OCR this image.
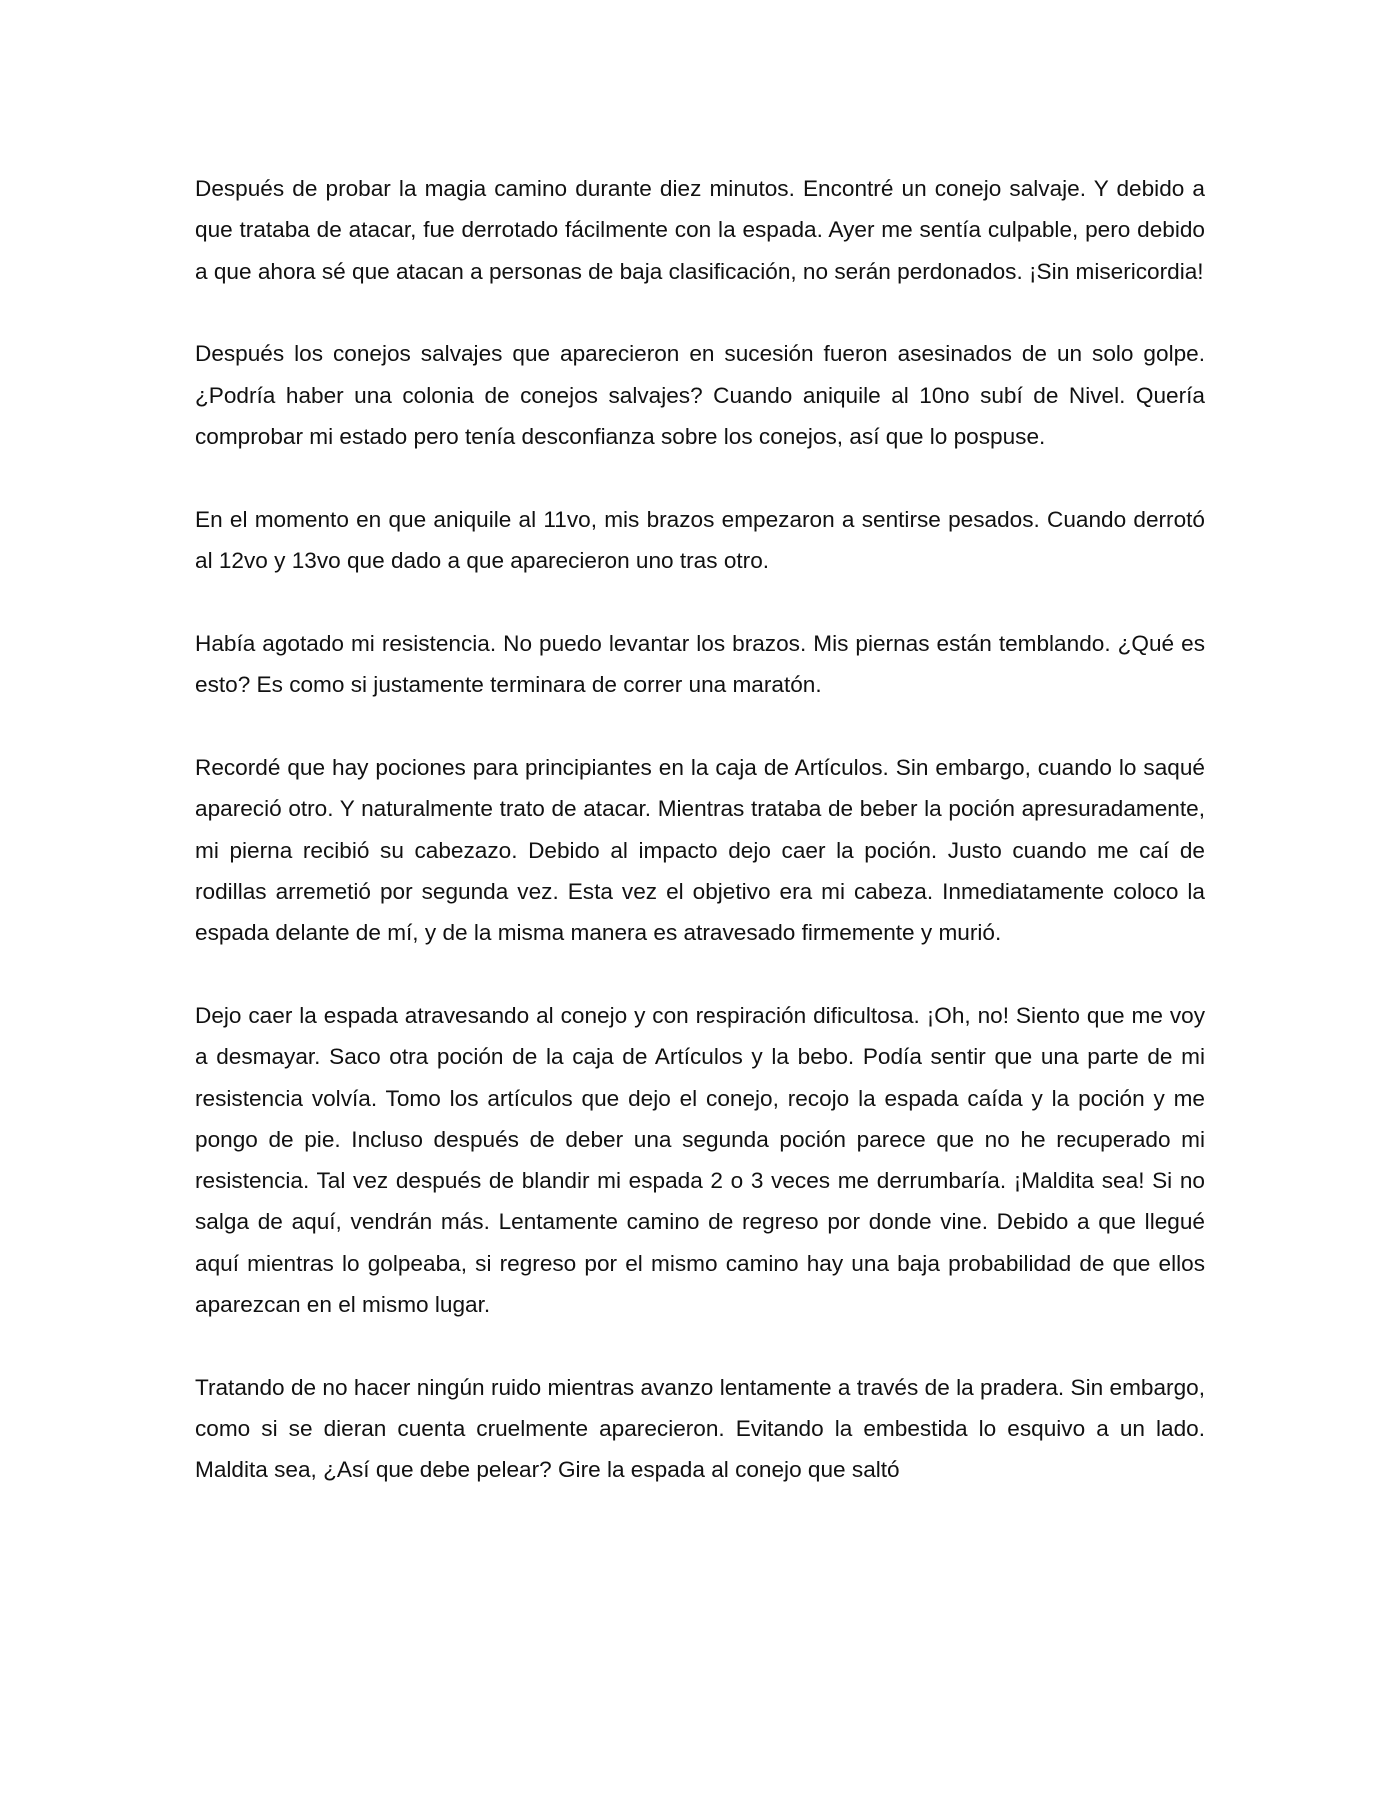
Después de probar la magia camino durante diez minutos. Encontré un conejo salvaje. Y debido a que trataba de atacar, fue derrotado fácilmente con la espada. Ayer me sentía culpable, pero debido a que ahora sé que atacan a personas de baja clasificación, no serán perdonados. ¡Sin misericordia!

Después los conejos salvajes que aparecieron en sucesión fueron asesinados de un solo golpe. ¿Podría haber una colonia de conejos salvajes? Cuando aniquile al 10no subí de Nivel. Quería comprobar mi estado pero tenía desconfianza sobre los conejos, así que lo pospuse.

En el momento en que aniquile al 11vo, mis brazos empezaron a sentirse pesados. Cuando derrotó al 12vo y 13vo que dado a que aparecieron uno tras otro.

Había agotado mi resistencia. No puedo levantar los brazos. Mis piernas están temblando. ¿Qué es esto? Es como si justamente terminara de correr una maratón.

Recordé que hay pociones para principiantes en la caja de Artículos. Sin embargo, cuando lo saqué apareció otro. Y naturalmente trato de atacar. Mientras trataba de beber la poción apresuradamente, mi pierna recibió su cabezazo. Debido al impacto dejo caer la poción. Justo cuando me caí de rodillas arremetió por segunda vez. Esta vez el objetivo era mi cabeza. Inmediatamente coloco la espada delante de mí, y de la misma manera es atravesado firmemente y murió.

Dejo caer la espada atravesando al conejo y con respiración dificultosa. ¡Oh, no! Siento que me voy a desmayar. Saco otra poción de la caja de Artículos y la bebo. Podía sentir que una parte de mi resistencia volvía. Tomo los artículos que dejo el conejo, recojo la espada caída y la poción y me pongo de pie. Incluso después de deber una segunda poción parece que no he recuperado mi resistencia. Tal vez después de blandir mi espada 2 o 3 veces me derrumbaría. ¡Maldita sea! Si no salga de aquí, vendrán más. Lentamente camino de regreso por donde vine. Debido a que llegué aquí mientras lo golpeaba, si regreso por el mismo camino hay una baja probabilidad de que ellos aparezcan en el mismo lugar.

Tratando de no hacer ningún ruido mientras avanzo lentamente a través de la pradera. Sin embargo, como si se dieran cuenta cruelmente aparecieron. Evitando la embestida lo esquivo a un lado. Maldita sea, ¿Así que debe pelear? Gire la espada al conejo que saltó
